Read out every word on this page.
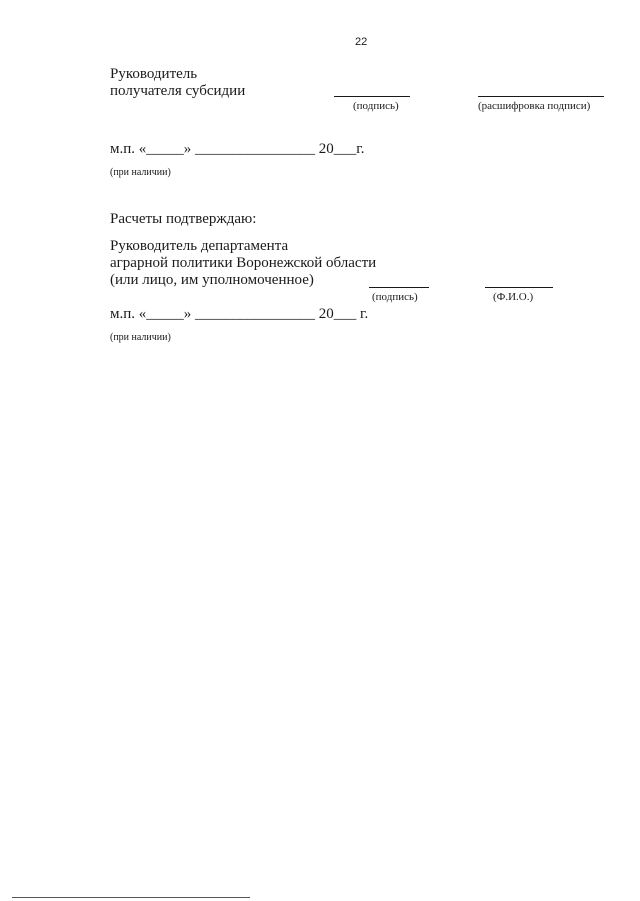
22
Руководитель
получателя субсидии
(подпись)	(расшифровка подписи)
м.п. «_____» ________________ 20___г.
(при наличии)
Расчеты подтверждаю:
Руководитель департамента
аграрной политики Воронежской области
(или лицо, им уполномоченное)
(подпись)	(Ф.И.О.)
м.п. «_____» ________________ 20___ г.
(при наличии)
